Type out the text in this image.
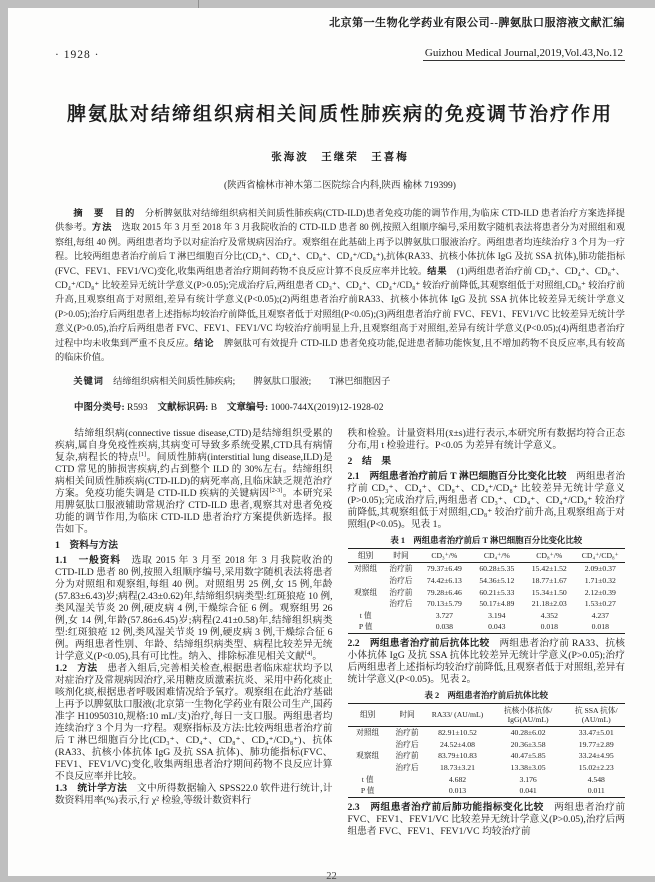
北京第一生物化学药业有限公司--脾氨肽口服溶液文献汇编
· 1928 ·	Guizhou Medical Journal,2019,Vol.43,No.12
脾氨肽对结缔组织病相关间质性肺疾病的免疫调节治疗作用
张海波　王继荣　王喜梅
(陕西省榆林市神木第二医院综合内科,陕西 榆林 719399)

摘　要　目的　分析脾氨肽对结缔组织病相关间质性肺疾病(CTD-ILD)患者免疫功能的调节作用,为临床 CTD-ILD 患者治疗方案选择提供参考。方法　选取 2015 年 3 月至 2018 年 3 月我院收治的 CTD-ILD 患者 80 例,按照入组顺序编号,采用数字随机表法将患者分为对照组和观察组,每组 40 例。两组患者均予以对症治疗及常规病因治疗。观察组在此基础上再予以脾氨肽口服液治疗。两组患者均连续治疗 3 个月为一疗程。比较两组患者治疗前后 T 淋巴细胞百分比(CD₃⁺、CD₄⁺、CD₈⁺、CD₄⁺/CD₈⁺),抗体(RA33、抗核小体抗体 IgG 及抗 SSA 抗体),肺功能指标(FVC、FEV1、FEV1/VC)变化,收集两组患者治疗期间药物不良反应计算不良反应率并比较。结果　(1)两组患者治疗前 CD₃⁺、CD₄⁺、CD₈⁺、CD₄⁺/CD₈⁺ 比较差异无统计学意义(P>0.05);完成治疗后,两组患者 CD₃⁺、CD₄⁺、CD₄⁺/CD₈⁺ 较治疗前降低,其观察组低于对照组,CD₈⁺ 较治疗前升高,且观察组高于对照组,差异有统计学意义(P<0.05);(2)两组患者治疗前RA33、抗核小体抗体 IgG 及抗 SSA 抗体比较差异无统计学意义(P>0.05);治疗后两组患者上述指标均较治疗前降低,且观察者低于对照组(P<0.05);(3)两组患者治疗前 FVC、FEV1、FEV1/VC 比较差异无统计学意义(P>0.05),治疗后两组患者 FVC、FEV1、FEV1/VC 均较治疗前明显上升,且观察组高于对照组,差异有统计学意义(P<0.05);(4)两组患者治疗过程中均未收集到严重不良反应。结论　脾氨肽可有效提升 CTD-ILD 患者免疫功能,促进患者肺功能恢复,且不增加药物不良反应率,具有较高的临床价值。

关键词　结缔组织病相关间质性肺疾病;　　脾氨肽口服液;　　T淋巴细胞因子

中图分类号: R593 文献标识码: B 文章编号: 1000-744X(2019)12-1928-02

结缔组织病(connective tissue disease,CTD)是结缔组织受累的疾病,属自身免疫性疾病,其病变可导致多系统受累,CTD具有病情复杂,病程长的特点[1]。间质性肺病(interstitial lung disease,ILD)是 CTD 常见的肺损害疾病,约占到整个 ILD 的 30%左右。结缔组织病相关间质性肺疾病(CTD-ILD)的病死率高,且临床缺乏规范治疗方案。免疫功能失调是 CTD-ILD 疾病的关键病因[2-3]。本研究采用脾氨肽口服液辅助常规治疗 CTD-ILD 患者,观察其对患者免疫功能的调节作用,为临床 CTD-ILD 患者治疗方案提供新选择。报告如下。

1　资料与方法

1.1　一般资料　选取 2015 年 3 月至 2018 年 3 月我院收治的 CTD-ILD 患者 80 例,按照入组顺序编号,采用数字随机表法将患者分为对照组和观察组,每组 40 例。对照组男 25 例,女 15 例,年龄(57.83±6.43)岁;病程(2.43±0.62)年,结缔组织病类型:红斑狼疮 10 例,类风湿关节炎 20 例,硬皮病 4 例,干燥综合征 6 例。观察组男 26 例,女 14 例,年龄(57.86±6.45)岁;病程(2.41±0.58)年,结缔组织病类型:红斑狼疮 12 例,类风湿关节炎 19 例,硬皮病 3 例,干燥综合征 6 例。两组患者性别、年龄、结缔组织病类型、病程比较差异无统计学意义(P<0.05),具有可比性。纳入、排除标准见相关文献[4]。

1.2　方法　患者入组后,完善相关检查,根据患者临床症状均予以对症治疗及常规病因治疗,采用糖皮质激素抗炎、采用中药化痰止咳剂化痰,根据患者呼吸困难情况给予氧疗。观察组在此治疗基础上再予以脾氨肽口服液(北京第一生物化学药业有限公司生产,国药准字 H10950310,规格:10 mL/支)治疗,每日一支口服。两组患者均连续治疗 3 个月为一疗程。观察指标及方法:比较两组患者治疗前后 T 淋巴细胞百分比(CD₃⁺、CD₄⁺、CD₈⁺、CD₄⁺/CD₈⁺)、抗体(RA33、抗核小体抗体 IgG 及抗 SSA 抗体)、肺功能指标(FVC、FEV1、FEV1/VC)变化,收集两组患者治疗期间药物不良反应计算不良反应率并比较。

1.3　统计学方法　文中所得数据输入 SPSS22.0 软件进行统计,计数资料用率(%)表示,行 χ² 检验,等级计数资料行

秩和检验。计量资料用(x̄±s)进行表示,本研究所有数据均符合正态分布,用 t 检验进行。P<0.05 为差异有统计学意义。

2　结　果

2.1　两组患者治疗前后 T 淋巴细胞百分比变化比较　两组患者治疗前 CD₃⁺、CD₄⁺、CD₈⁺、CD₄⁺/CD₈⁺ 比较差异无统计学意义(P>0.05);完成治疗后,两组患者 CD₃⁺、CD₄⁺、CD₄⁺/CD₈⁺ 较治疗前降低,其观察组低于对照组,CD₈⁺ 较治疗前升高,且观察组高于对照组(P<0.05)。见表 1。

表 1　两组患者治疗前后 T 淋巴细胞百分比变化比较
组别	时间	CD₃⁺/%	CD₄⁺/%	CD₈⁺/%	CD₄⁺/CD₈⁺
对照组	治疗前	79.37±6.49	60.28±5.35	15.42±1.52	2.09±0.37
	治疗后	74.42±6.13	54.36±5.12	18.77±1.67	1.71±0.32
观察组	治疗前	79.28±6.46	60.21±5.33	15.34±1.50	2.12±0.39
	治疗后	70.13±5.79	50.17±4.89	21.18±2.03	1.53±0.27
t 值		3.727	3.194	4.352	4.237
P 值		0.038	0.043	0.018	0.018

2.2　两组患者治疗前后抗体比较　两组患者治疗前 RA33、抗核小体抗体 IgG 及抗 SSA 抗体比较差异无统计学意义(P>0.05);治疗后两组患者上述指标均较治疗前降低,且观察者低于对照组,差异有统计学意义(P<0.05)。见表 2。

表 2　两组患者治疗前后抗体比较
组别	时间	RA33/ (AU/mL)	抗核小体抗体/ IgG(AU/mL)	抗 SSA 抗体/ (AU/mL)
对照组	治疗前	82.91±10.52	40.28±6.02	33.47±5.01
	治疗后	24.52±4.08	20.36±3.58	19.77±2.89
观察组	治疗前	83.79±10.83	40.47±5.85	33.24±4.95
	治疗后	18.73±3.21	13.38±3.05	15.02±2.23
t 值		4.682	3.176	4.548
P 值		0.013	0.041	0.011

2.3　两组患者治疗前后肺功能指标变化比较　两组患者治疗前 FVC、FEV1、FEV1/VC 比较差异无统计学意义(P>0.05),治疗后两组患者 FVC、FEV1、FEV1/VC 均较治疗前

22
